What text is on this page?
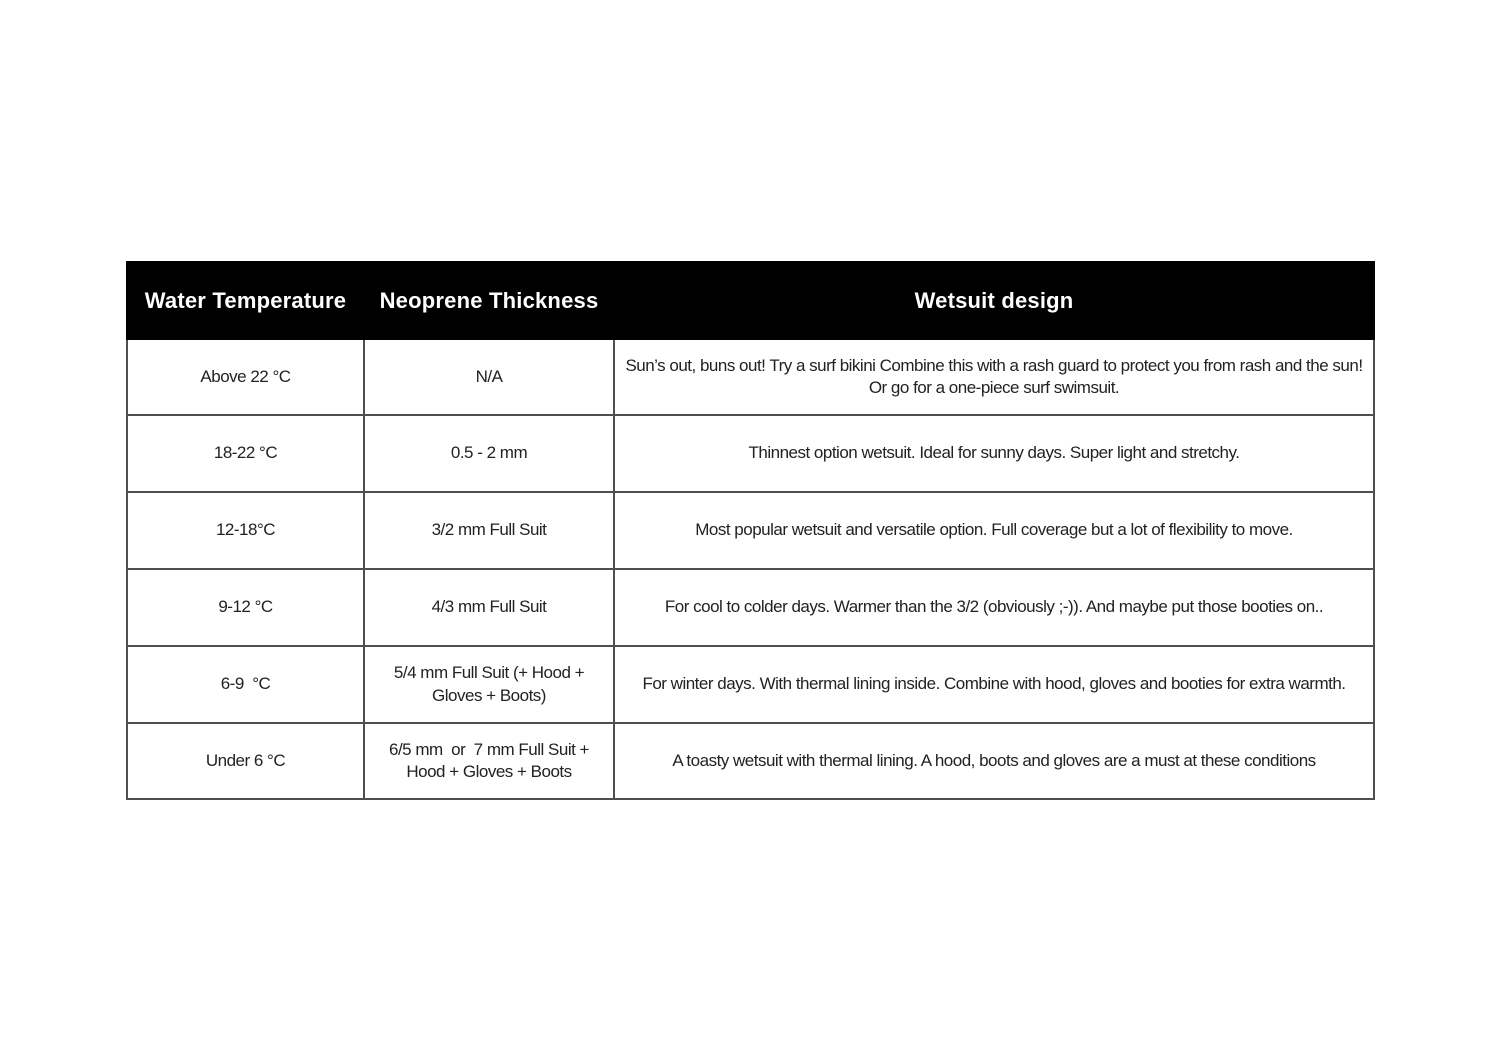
Water Temperature	Neoprene Thickness	Wetsuit design
Above 22 °C	N/A	Sun’s out, buns out! Try a surf bikini Combine this with a rash guard to protect you from rash and the sun! Or go for a one-piece surf swimsuit.
18-22 °C	0.5 - 2 mm	Thinnest option wetsuit. Ideal for sunny days. Super light and stretchy.
12-18°C	3/2 mm Full Suit	Most popular wetsuit and versatile option. Full coverage but a lot of flexibility to move.
9-12 °C	4/3 mm Full Suit	For cool to colder days. Warmer than the 3/2 (obviously ;-)). And maybe put those booties on..
6-9  °C	5/4 mm Full Suit (+ Hood + Gloves + Boots)	For winter days. With thermal lining inside. Combine with hood, gloves and booties for extra warmth.
Under 6 °C	6/5 mm  or  7 mm Full Suit + Hood + Gloves + Boots	A toasty wetsuit with thermal lining. A hood, boots and gloves are a must at these conditions
